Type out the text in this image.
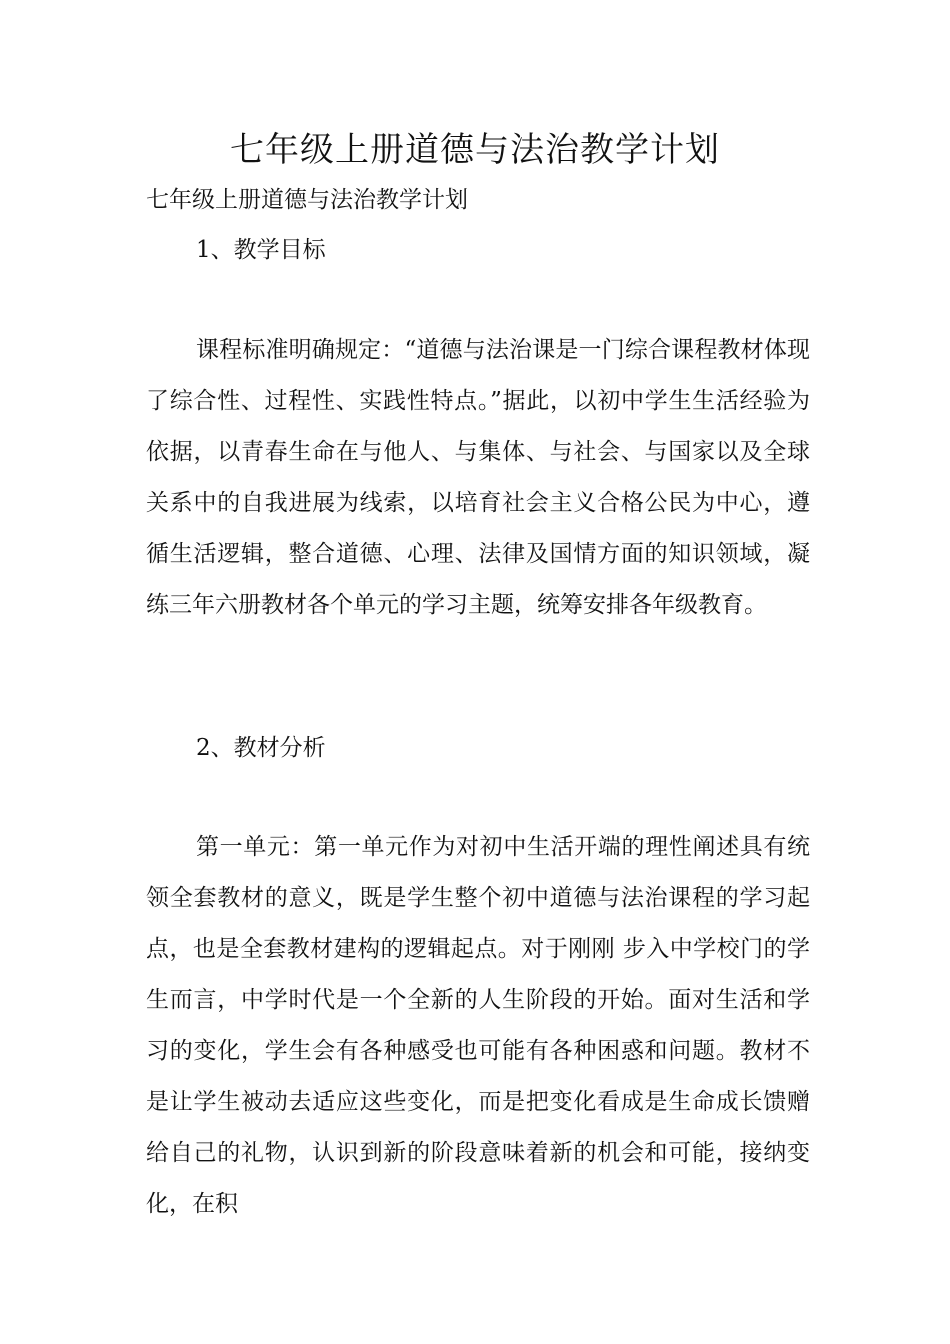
七年级上册道德与法治教学计划
七年级上册道德与法治教学计划
1、教学目标

课程标准明确规定：“道德与法治课是一门综合课程教材体现了综合性、过程性、实践性特点。”据此，以初中学生生活经验为依据，以青春生命在与他人、与集体、与社会、与国家以及全球关系中的自我进展为线索，以培育社会主义合格公民为中心，遵循生活逻辑，整合道德、心理、法律及国情方面的知识领域，凝练三年六册教材各个单元的学习主题，统筹安排各年级教育。

2、教材分析

第一单元：第一单元作为对初中生活开端的理性阐述具有统领全套教材的意义，既是学生整个初中道德与法治课程的学习起点，也是全套教材建构的逻辑起点。对于刚刚 步入中学校门的学生而言，中学时代是一个全新的人生阶段的开始。面对生活和学习的变化，学生会有各种感受也可能有各种困惑和问题。教材不是让学生被动去适应这些变化，而是把变化看成是生命成长馈赠给自己的礼物，认识到新的阶段意味着新的机会和可能，接纳变化，在积
